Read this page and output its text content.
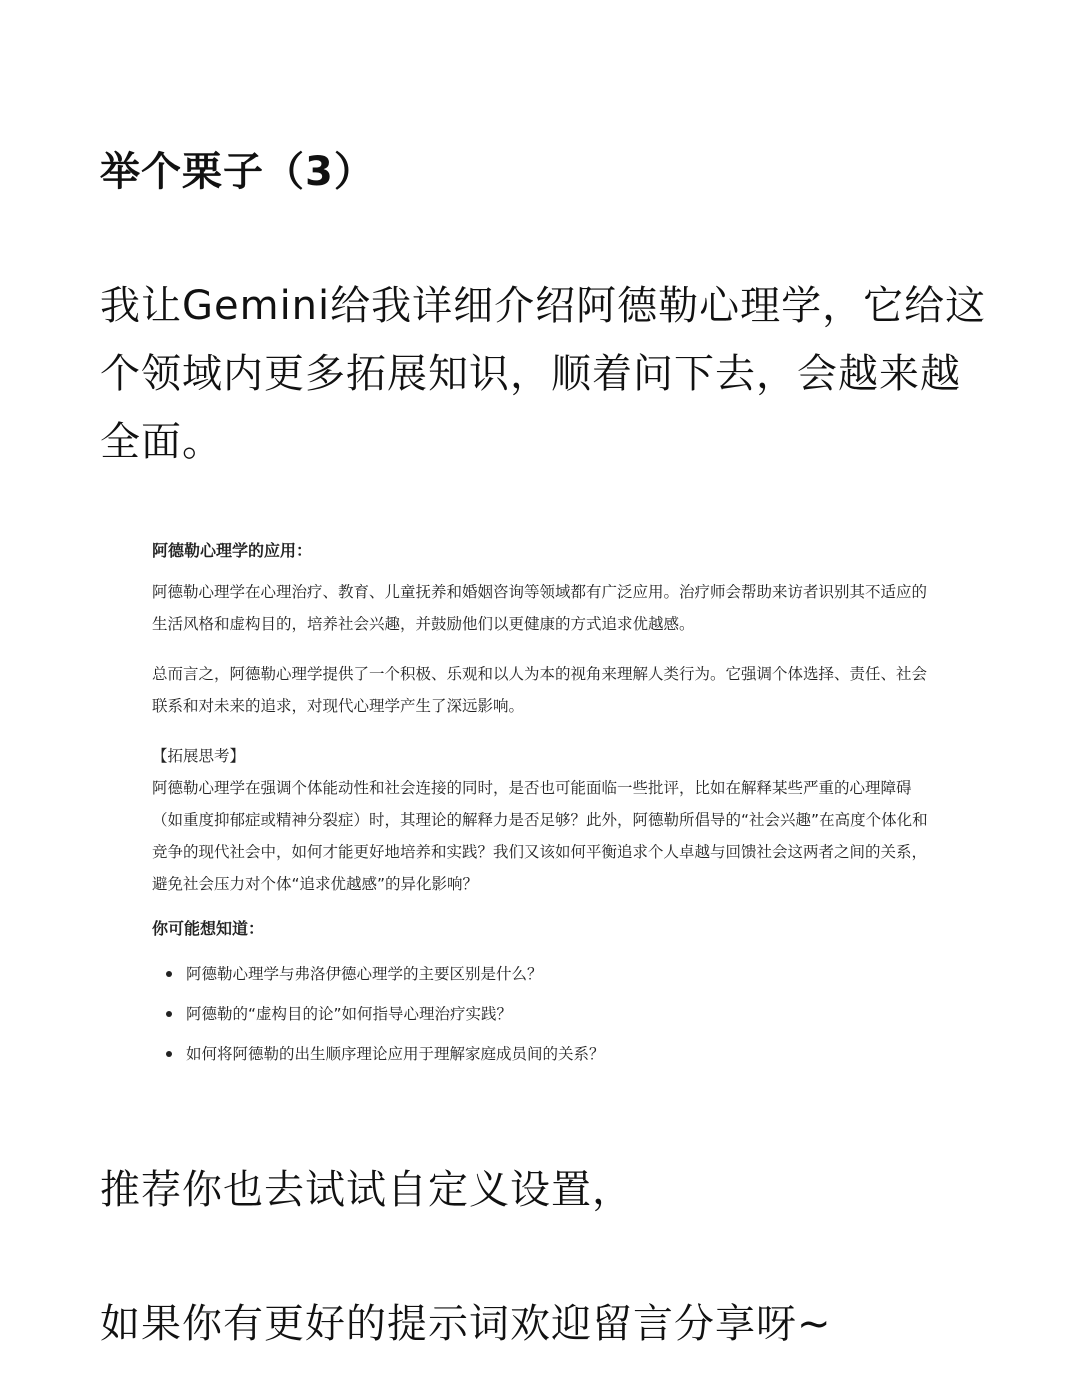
举个栗子（3）
我让Gemini给我详细介绍阿德勒心理学，它给这个领域内更多拓展知识，顺着问下去，会越来越全面。
阿德勒心理学的应用：

阿德勒心理学在心理治疗、教育、儿童抚养和婚姻咨询等领域都有广泛应用。治疗师会帮助来访者识别其不适应的生活风格和虚构目的，培养社会兴趣，并鼓励他们以更健康的方式追求优越感。

总而言之，阿德勒心理学提供了一个积极、乐观和以人为本的视角来理解人类行为。它强调个体选择、责任、社会联系和对未来的追求，对现代心理学产生了深远影响。

【拓展思考】

阿德勒心理学在强调个体能动性和社会连接的同时，是否也可能面临一些批评，比如在解释某些严重的心理障碍（如重度抑郁症或精神分裂症）时，其理论的解释力是否足够？此外，阿德勒所倡导的“社会兴趣”在高度个体化和竞争的现代社会中，如何才能更好地培养和实践？我们又该如何平衡追求个人卓越与回馈社会这两者之间的关系，避免社会压力对个体“追求优越感”的异化影响？

你可能想知道：
阿德勒心理学与弗洛伊德心理学的主要区别是什么？
阿德勒的“虚构目的论”如何指导心理治疗实践？
如何将阿德勒的出生顺序理论应用于理解家庭成员间的关系？
推荐你也去试试自定义设置，
如果你有更好的提示词欢迎留言分享呀~
